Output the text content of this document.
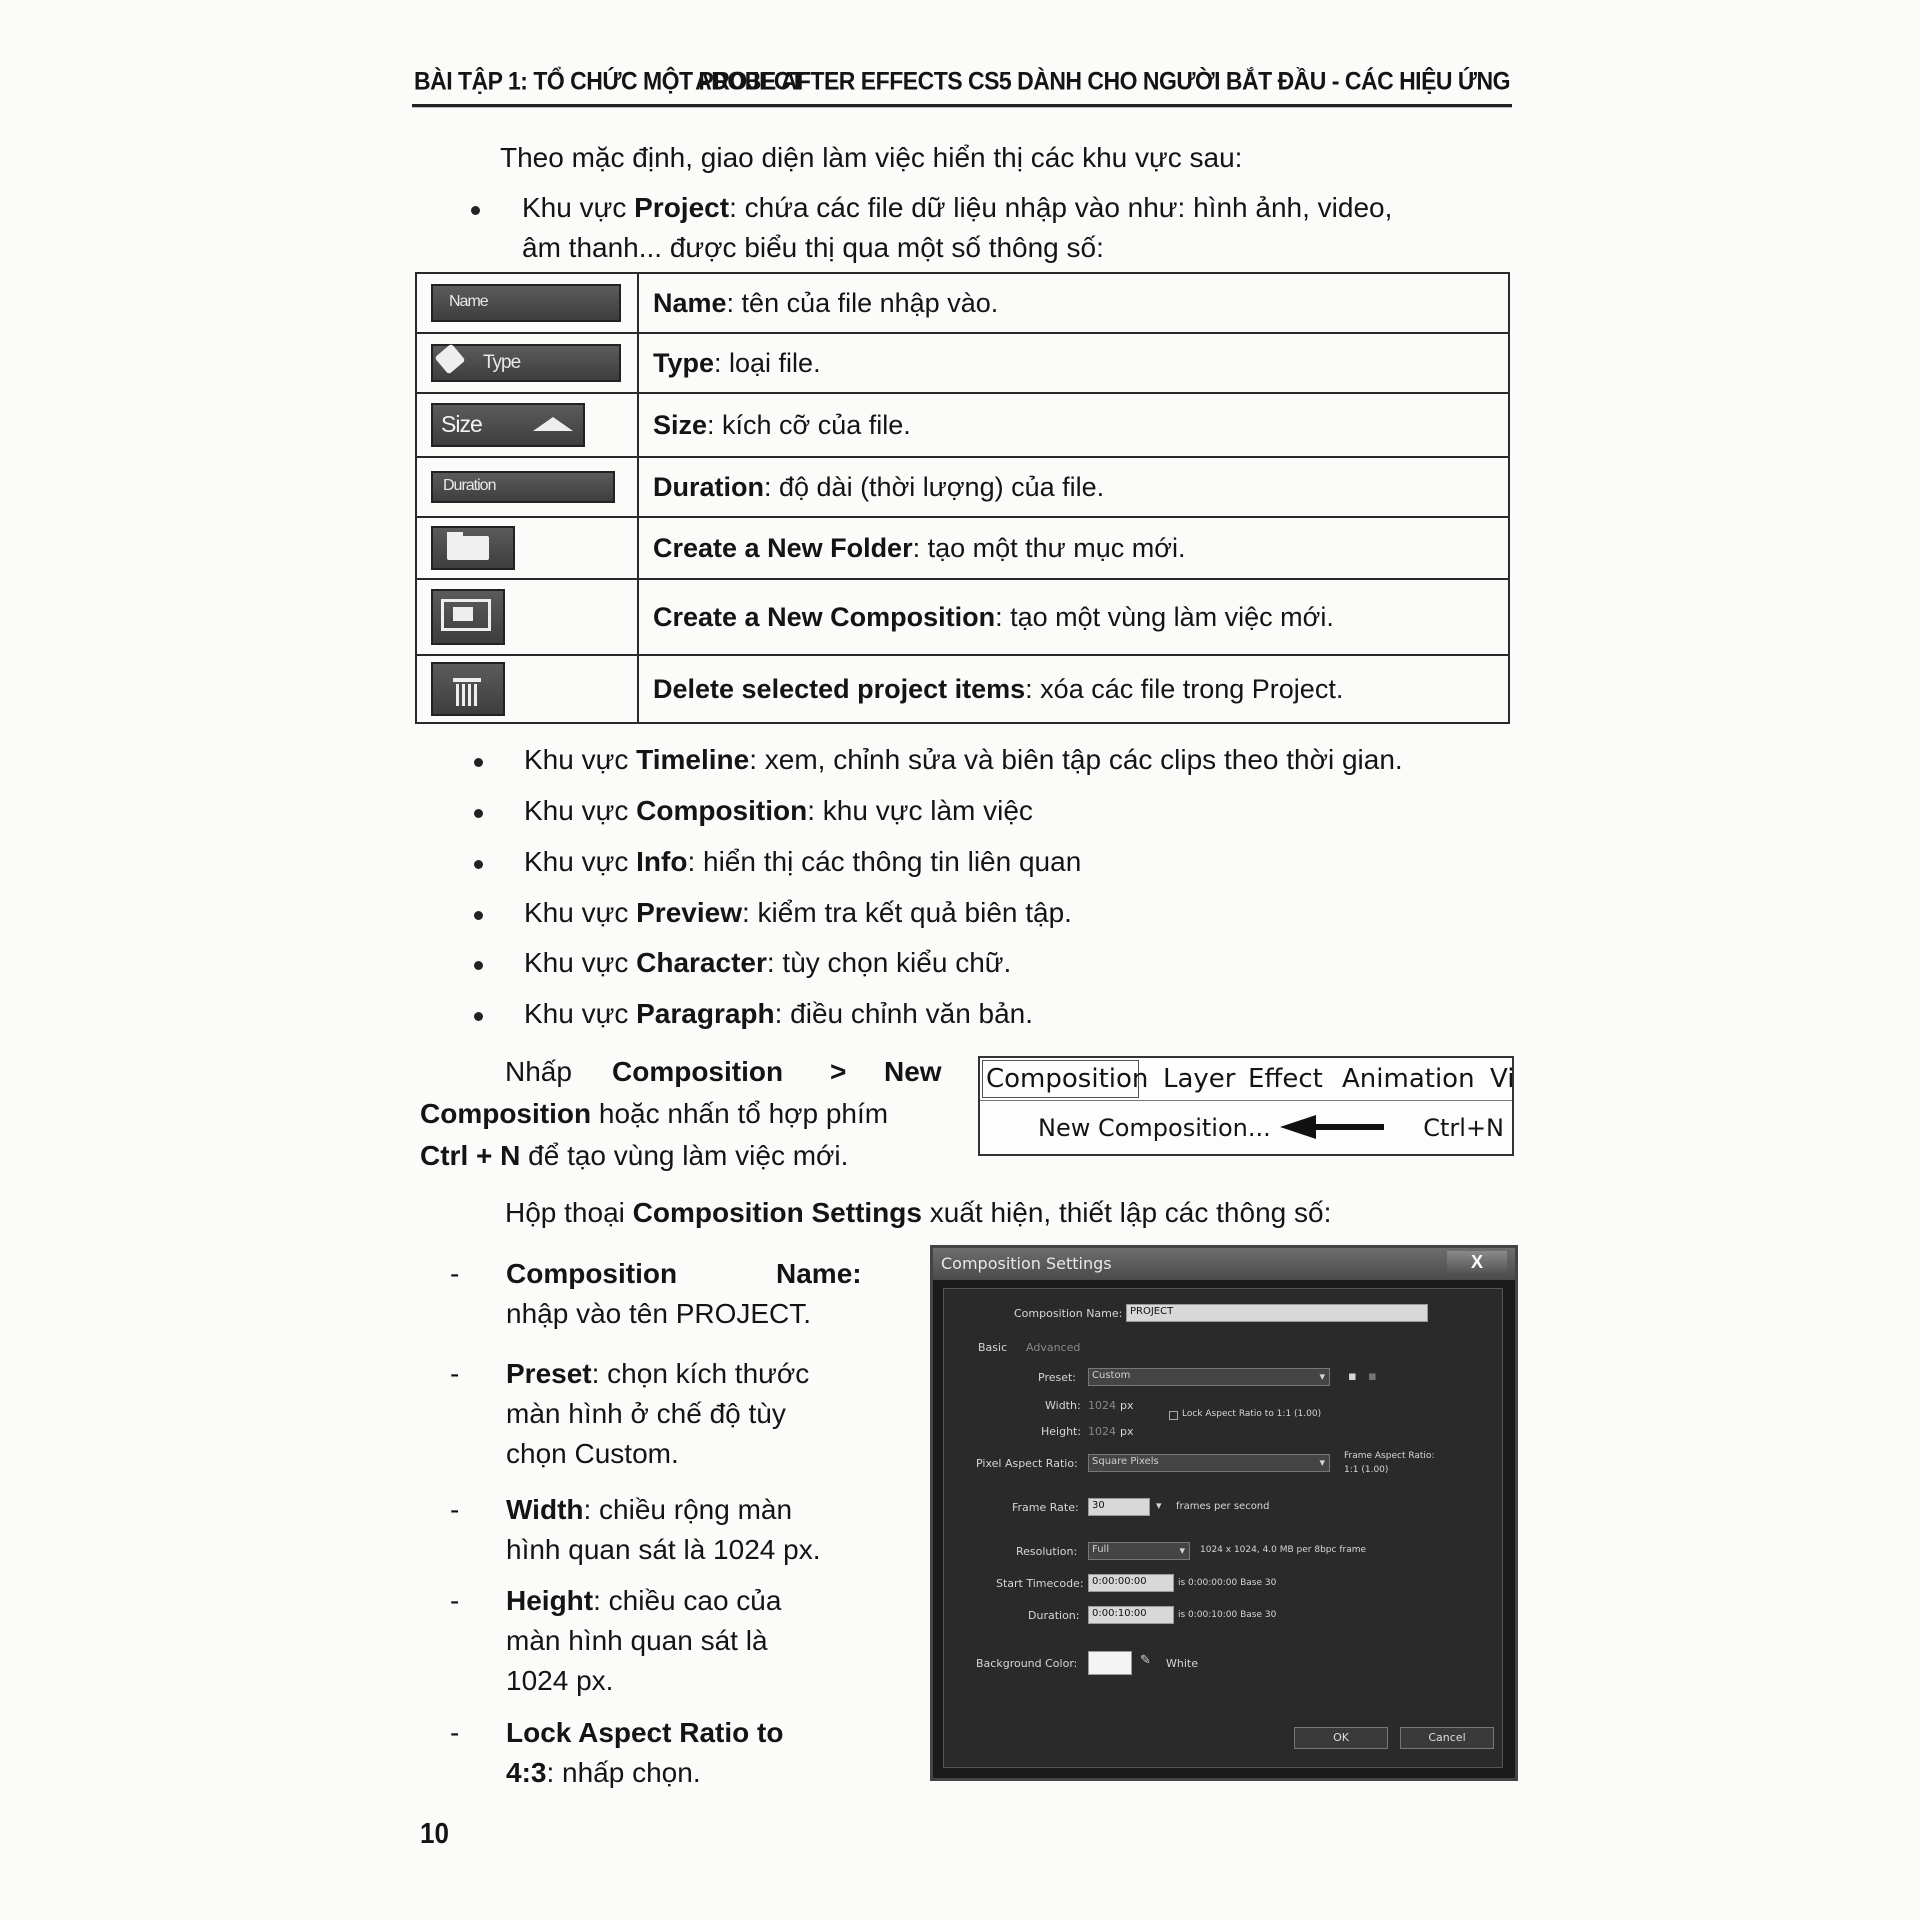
BÀI TẬP 1: TỔ CHỨC MỘT PROJECT
ADOBE AFTER EFFECTS CS5 DÀNH CHO NGƯỜI BẮT ĐẦU - CÁC HIỆU ỨNG
Theo mặc định, giao diện làm việc hiển thị các khu vực sau:
Khu vực Project: chứa các file dữ liệu nhập vào như: hình ảnh, video,
âm thanh... được biểu thị qua một số thông số:
Name	Name: tên của file nhập vào.

Type	Type: loại file.

Size	Size: kích cỡ của file.

Duration	Duration: độ dài (thời lượng) của file.

	Create a New Folder: tạo một thư mục mới.

	Create a New Composition: tạo một vùng làm việc mới.

	Delete selected project items: xóa các file trong Project.
Khu vực Timeline: xem, chỉnh sửa và biên tập các clips theo thời gian.
Khu vực Composition: khu vực làm việc
Khu vực Info: hiển thị các thông tin liên quan
Khu vực Preview: kiểm tra kết quả biên tập.
Khu vực Character: tùy chọn kiểu chữ.
Khu vực Paragraph: điều chỉnh văn bản.
Nhấp Composition > New
Composition hoặc nhấn tổ hợp phím
Ctrl + N để tạo vùng làm việc mới.
Composition Layer Effect Animation Vi
New Composition...	Ctrl+N
Hộp thoại Composition Settings xuất hiện, thiết lập các thông số:
- Composition	Name:
nhập vào tên PROJECT.
- Preset: chọn kích thước
màn hình ở chế độ tùy
chọn Custom.
- Width: chiều rộng màn
hình quan sát là 1024 px.
- Height: chiều cao của
màn hình quan sát là
1024 px.
- Lock Aspect Ratio to
4:3: nhấp chọn.
Composition Settings	X
Composition Name: PROJECT
Basic Advanced
Preset: Custom	▾ ▪ ▪
Width: 1024 px
Lock Aspect Ratio to 1:1 (1.00)
Height: 1024 px
Pixel Aspect Ratio: Square Pixels	▾ Frame Aspect Ratio:
1:1 (1.00)
Frame Rate: 30	▾ frames per second
Resolution: Full	▾ 1024 x 1024, 4.0 MB per 8bpc frame
Start Timecode: 0:00:00:00	is 0:00:00:00 Base 30
Duration: 0:00:10:00	is 0:00:10:00 Base 30
Background Color:	✎ White
OK	Cancel
10
